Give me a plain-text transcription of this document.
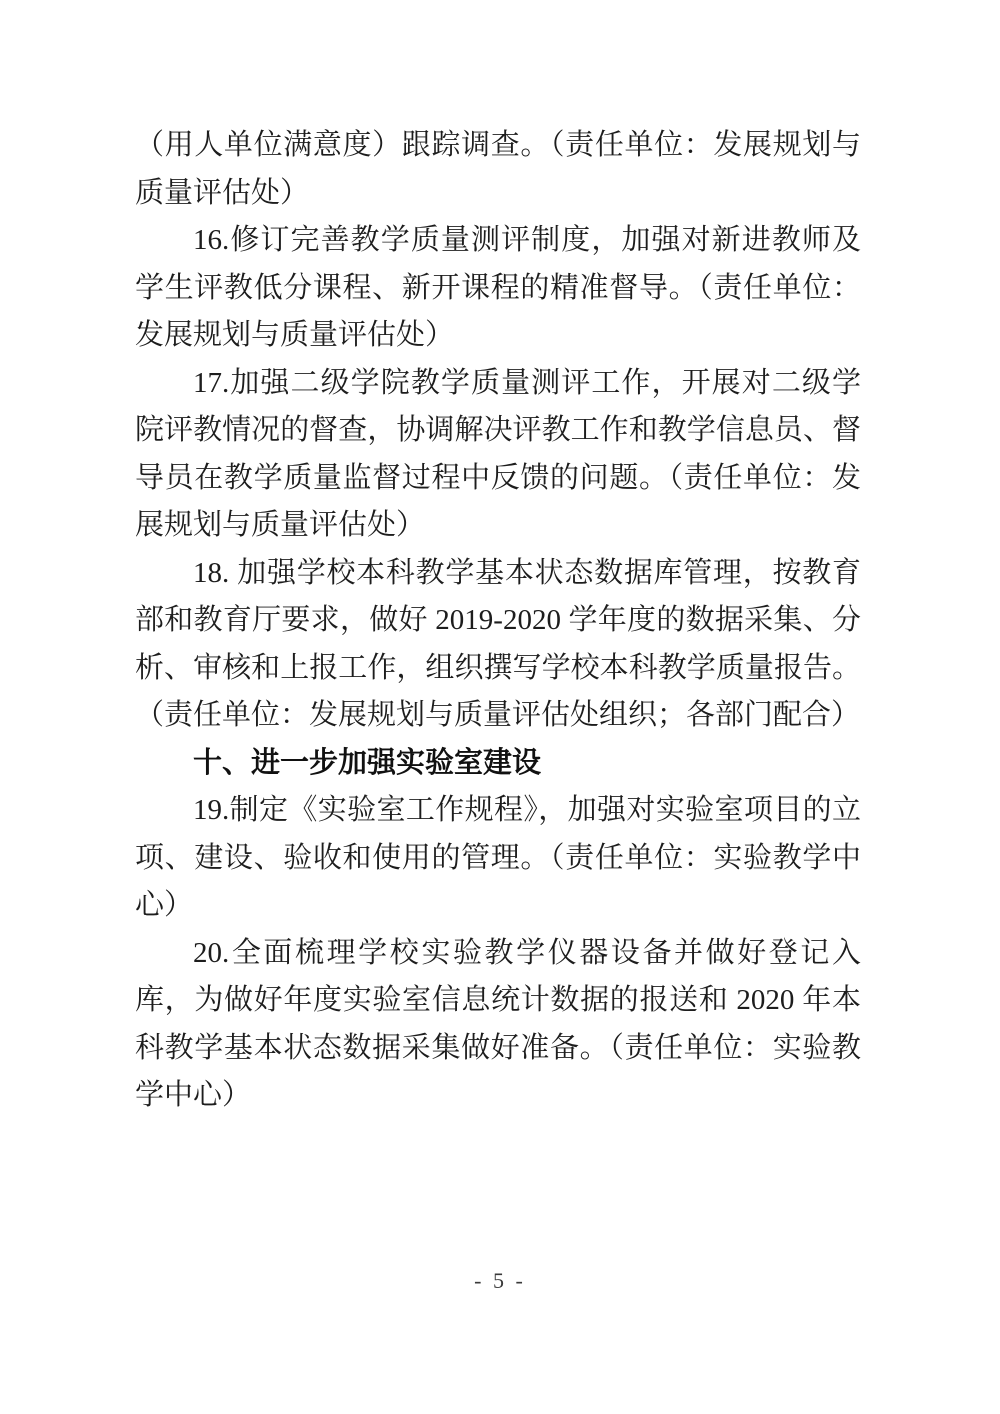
（用人单位满意度）跟踪调查。（责任单位：发展规划与质量评估处）

16.修订完善教学质量测评制度，加强对新进教师及学生评教低分课程、新开课程的精准督导。（责任单位：发展规划与质量评估处）

17.加强二级学院教学质量测评工作，开展对二级学院评教情况的督查，协调解决评教工作和教学信息员、督导员在教学质量监督过程中反馈的问题。（责任单位：发展规划与质量评估处）

18. 加强学校本科教学基本状态数据库管理，按教育部和教育厅要求，做好 2019-2020 学年度的数据采集、分析、审核和上报工作，组织撰写学校本科教学质量报告。（责任单位：发展规划与质量评估处组织；各部门配合）

十、进一步加强实验室建设

19.制定《实验室工作规程》，加强对实验室项目的立项、建设、验收和使用的管理。（责任单位：实验教学中心）

20.全面梳理学校实验教学仪器设备并做好登记入库，为做好年度实验室信息统计数据的报送和 2020 年本科教学基本状态数据采集做好准备。（责任单位：实验教学中心）

- 5 -
